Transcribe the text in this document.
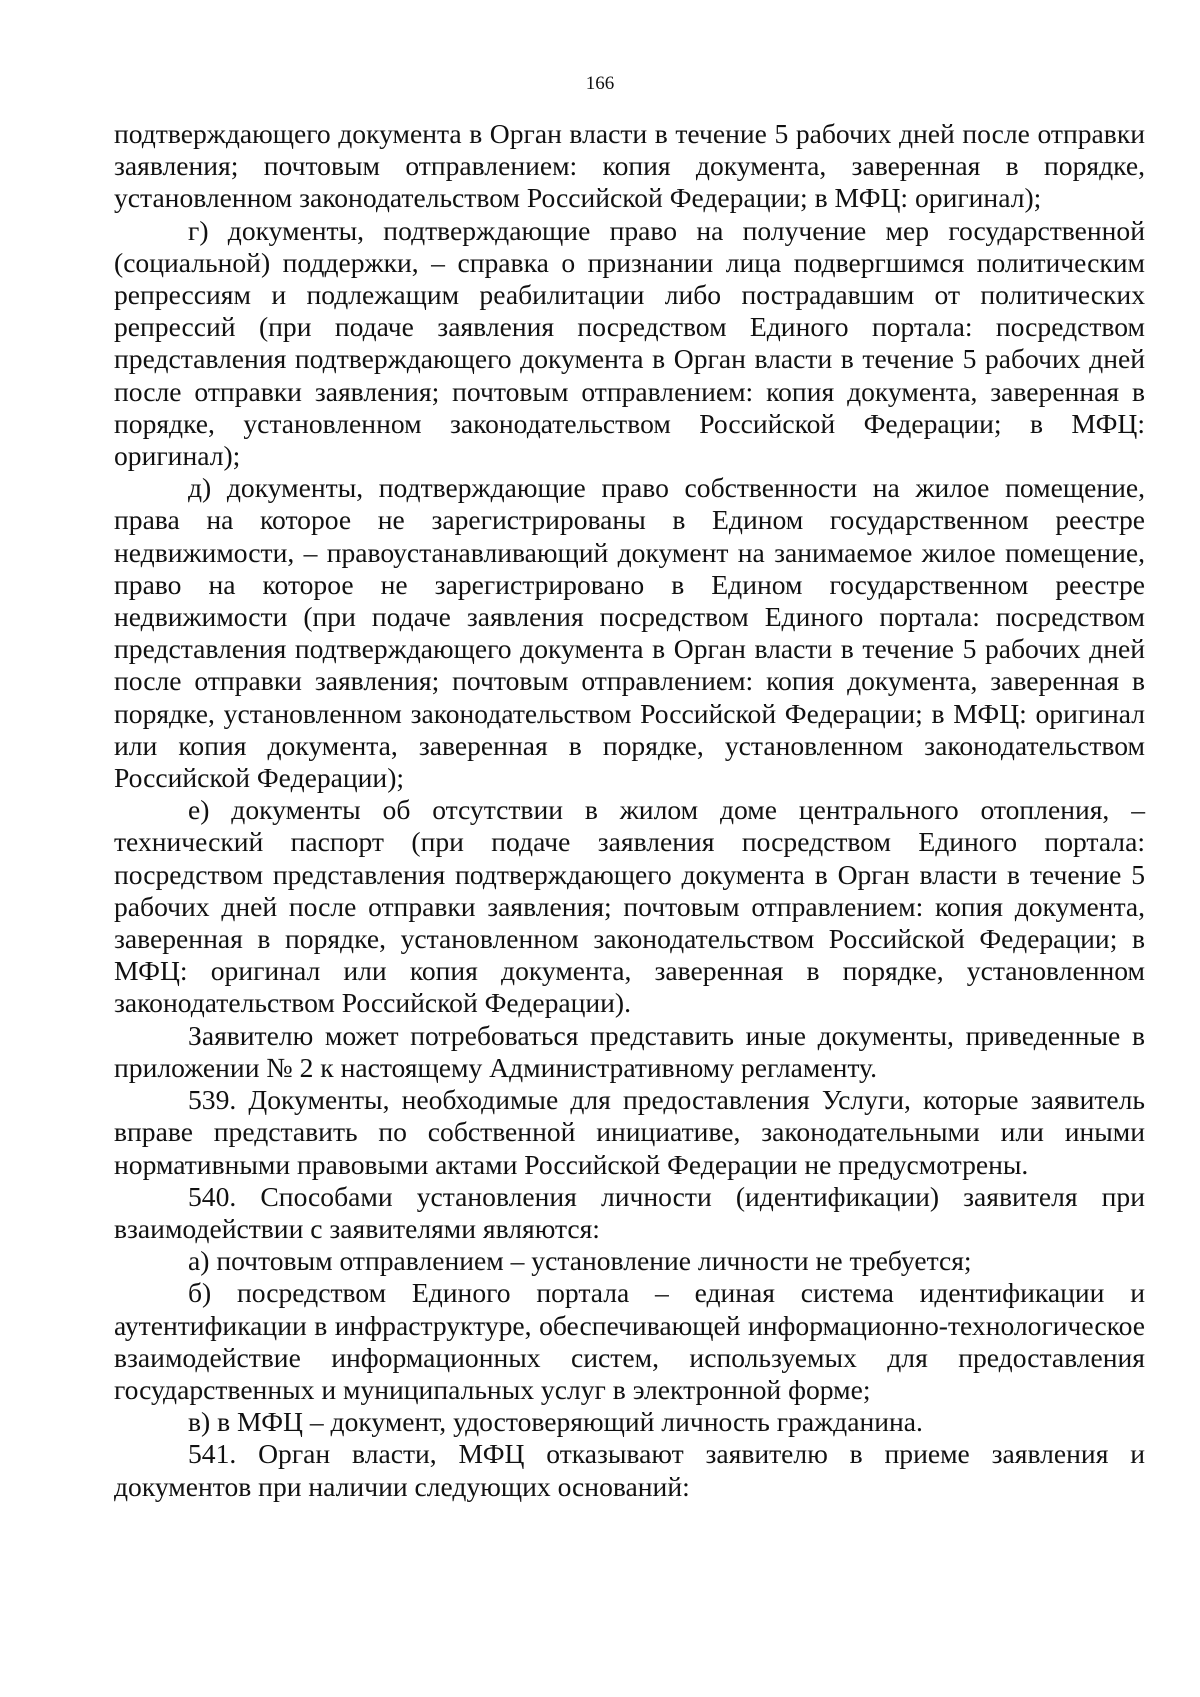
166

подтверждающего документа в Орган власти в течение 5 рабочих дней после отправки заявления; почтовым отправлением: копия документа, заверенная в порядке, установленном законодательством Российской Федерации; в МФЦ: оригинал);

г) документы, подтверждающие право на получение мер государственной (социальной) поддержки, – справка о признании лица подвергшимся политическим репрессиям и подлежащим реабилитации либо пострадавшим от политических репрессий (при подаче заявления посредством Единого портала: посредством представления подтверждающего документа в Орган власти в течение 5 рабочих дней после отправки заявления; почтовым отправлением: копия документа, заверенная в порядке, установленном законодательством Российской Федерации; в МФЦ: оригинал);

д) документы, подтверждающие право собственности на жилое помещение, права на которое не зарегистрированы в Едином государственном реестре недвижимости, – правоустанавливающий документ на занимаемое жилое помещение, право на которое не зарегистрировано в Едином государственном реестре недвижимости (при подаче заявления посредством Единого портала: посредством представления подтверждающего документа в Орган власти в течение 5 рабочих дней после отправки заявления; почтовым отправлением: копия документа, заверенная в порядке, установленном законодательством Российской Федерации; в МФЦ: оригинал или копия документа, заверенная в порядке, установленном законодательством Российской Федерации);

е) документы об отсутствии в жилом доме центрального отопления, – технический паспорт (при подаче заявления посредством Единого портала: посредством представления подтверждающего документа в Орган власти в течение 5 рабочих дней после отправки заявления; почтовым отправлением: копия документа, заверенная в порядке, установленном законодательством Российской Федерации; в МФЦ: оригинал или копия документа, заверенная в порядке, установленном законодательством Российской Федерации).

Заявителю может потребоваться представить иные документы, приведенные в приложении № 2 к настоящему Административному регламенту.

539. Документы, необходимые для предоставления Услуги, которые заявитель вправе представить по собственной инициативе, законодательными или иными нормативными правовыми актами Российской Федерации не предусмотрены.

540. Способами установления личности (идентификации) заявителя при взаимодействии с заявителями являются:

а) почтовым отправлением – установление личности не требуется;

б) посредством Единого портала – единая система идентификации и аутентификации в инфраструктуре, обеспечивающей информационно-технологическое взаимодействие информационных систем, используемых для предоставления государственных и муниципальных услуг в электронной форме;

в) в МФЦ – документ, удостоверяющий личность гражданина.

541. Орган власти, МФЦ отказывают заявителю в приеме заявления и документов при наличии следующих оснований:
